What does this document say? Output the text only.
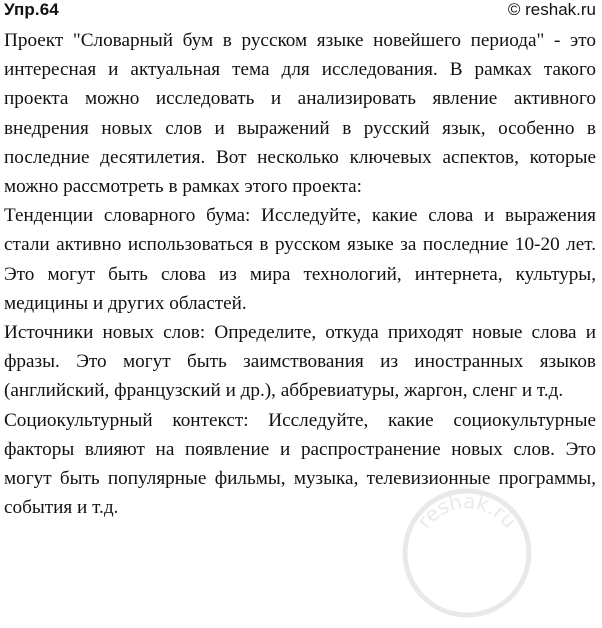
Упр.64	© reshak.ru

Проект "Словарный бум в русском языке новейшего периода" - это интересная и актуальная тема для исследования. В рамках такого проекта можно исследовать и анализировать явление активного внедрения новых слов и выражений в русский язык, особенно в последние десятилетия. Вот несколько ключевых аспектов, которые можно рассмотреть в рамках этого проекта:

Тенденции словарного бума: Исследуйте, какие слова и выражения стали активно использоваться в русском языке за последние 10-20 лет. Это могут быть слова из мира технологий, интернета, культуры, медицины и других областей.

Источники новых слов: Определите, откуда приходят новые слова и фразы. Это могут быть заимствования из иностранных языков (английский, французский и др.), аббревиатуры, жаргон, сленг и т.д.

Социокультурный контекст: Исследуйте, какие социокультурные факторы влияют на появление и распространение новых слов. Это могут быть популярные фильмы, музыка, телевизионные программы, события и т.д.

reshak.ru
